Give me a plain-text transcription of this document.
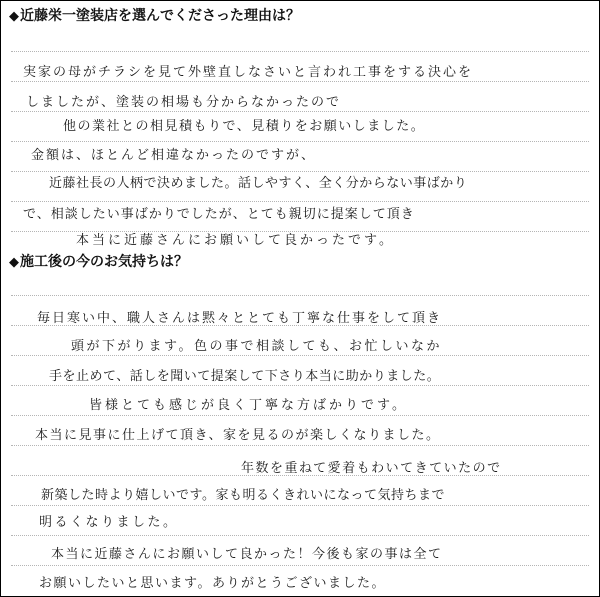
◆近藤栄一塗装店を選んでくださった理由は？
実家の母がチラシを見て外壁直しなさいと言われ工事をする決心を
しましたが、塗装の相場も分からなかったので
他の業社との相見積もりで、見積りをお願いしました。
金額は、ほとんど相違なかったのですが、
近藤社長の人柄で決めました。話しやすく、全く分からない事ばかり
で、相談したい事ばかりでしたが、とても親切に提案して頂き
本当に近藤さんにお願いして良かったです。
◆施工後の今のお気持ちは？
毎日寒い中、職人さんは黙々ととても丁寧な仕事をして頂き
頭が下がります。色の事で相談しても、お忙しいなか
手を止めて、話しを聞いて提案して下さり本当に助かりました。
皆様とても感じが良く丁寧な方ばかりです。
本当に見事に仕上げて頂き、家を見るのが楽しくなりました。
年数を重ねて愛着もわいてきていたので
新築した時より嬉しいです。家も明るくきれいになって気持ちまで
明るくなりました。
本当に近藤さんにお願いして良かった！今後も家の事は全て
お願いしたいと思います。ありがとうございました。
